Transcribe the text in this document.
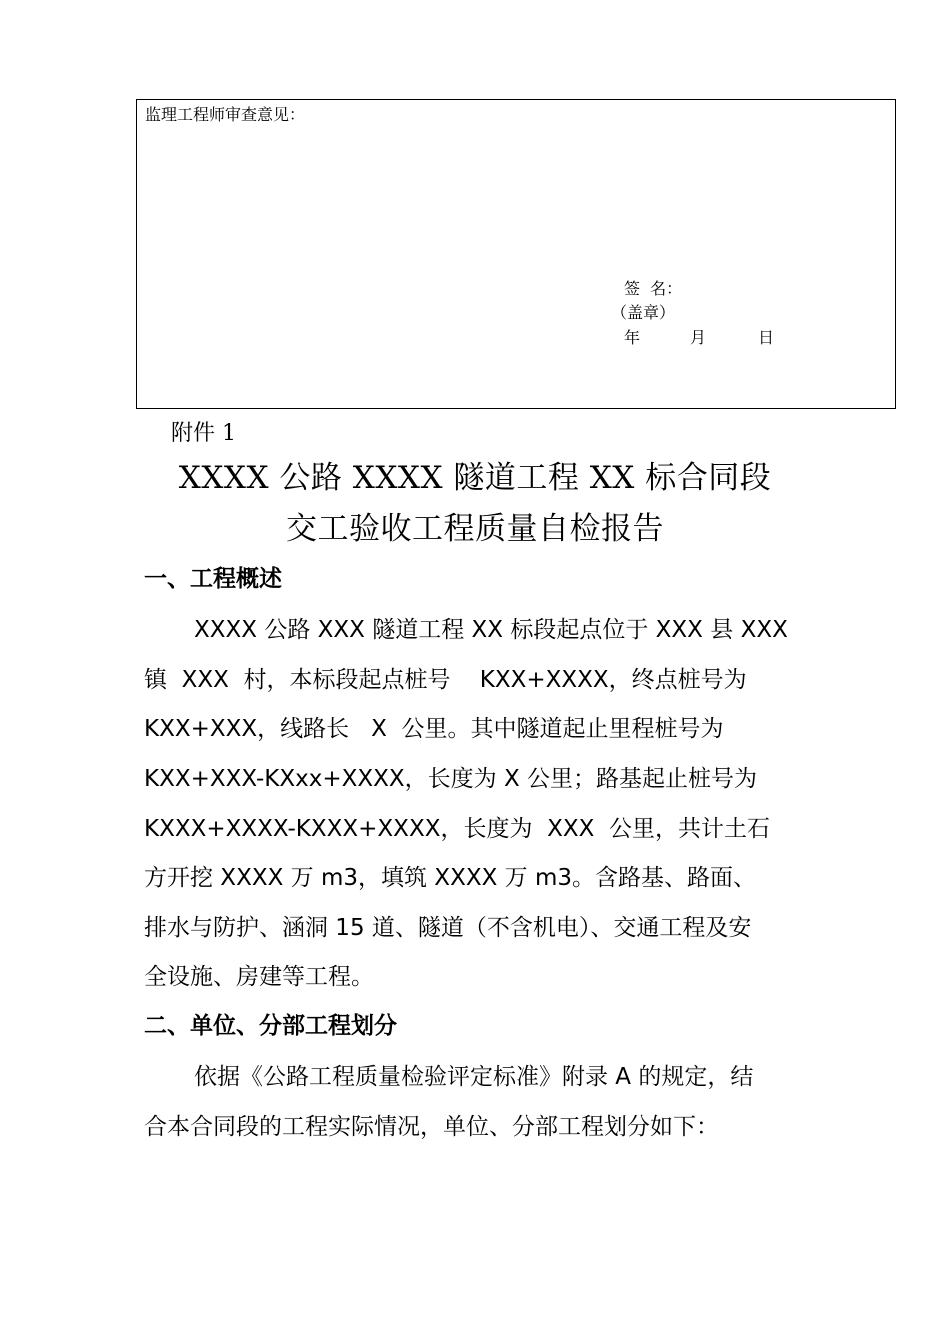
监理工程师审查意见：
签  名：
（盖章）
年	月	日
附件 1
XXXX 公路 XXXX 隧道工程 XX 标合同段
交工验收工程质量自检报告
一、工程概述
XXXX 公路 XXX 隧道工程 XX 标段起点位于 XXX 县 XXX
镇  XXX  村，本标段起点桩号    KXX+XXXX，终点桩号为
KXX+XXX，线路长   X  公里。其中隧道起止里程桩号为
KXX+XXX-KXxx+XXXX，长度为 X 公里；路基起止桩号为
KXXX+XXXX-KXXX+XXXX，长度为  XXX  公里，共计土石
方开挖 XXXX 万 m3，填筑 XXXX 万 m3。含路基、路面、
排水与防护、涵洞 15 道、隧道（不含机电）、交通工程及安
全设施、房建等工程。
二、单位、分部工程划分
依据《公路工程质量检验评定标准》附录 A 的规定，结
合本合同段的工程实际情况，单位、分部工程划分如下：
